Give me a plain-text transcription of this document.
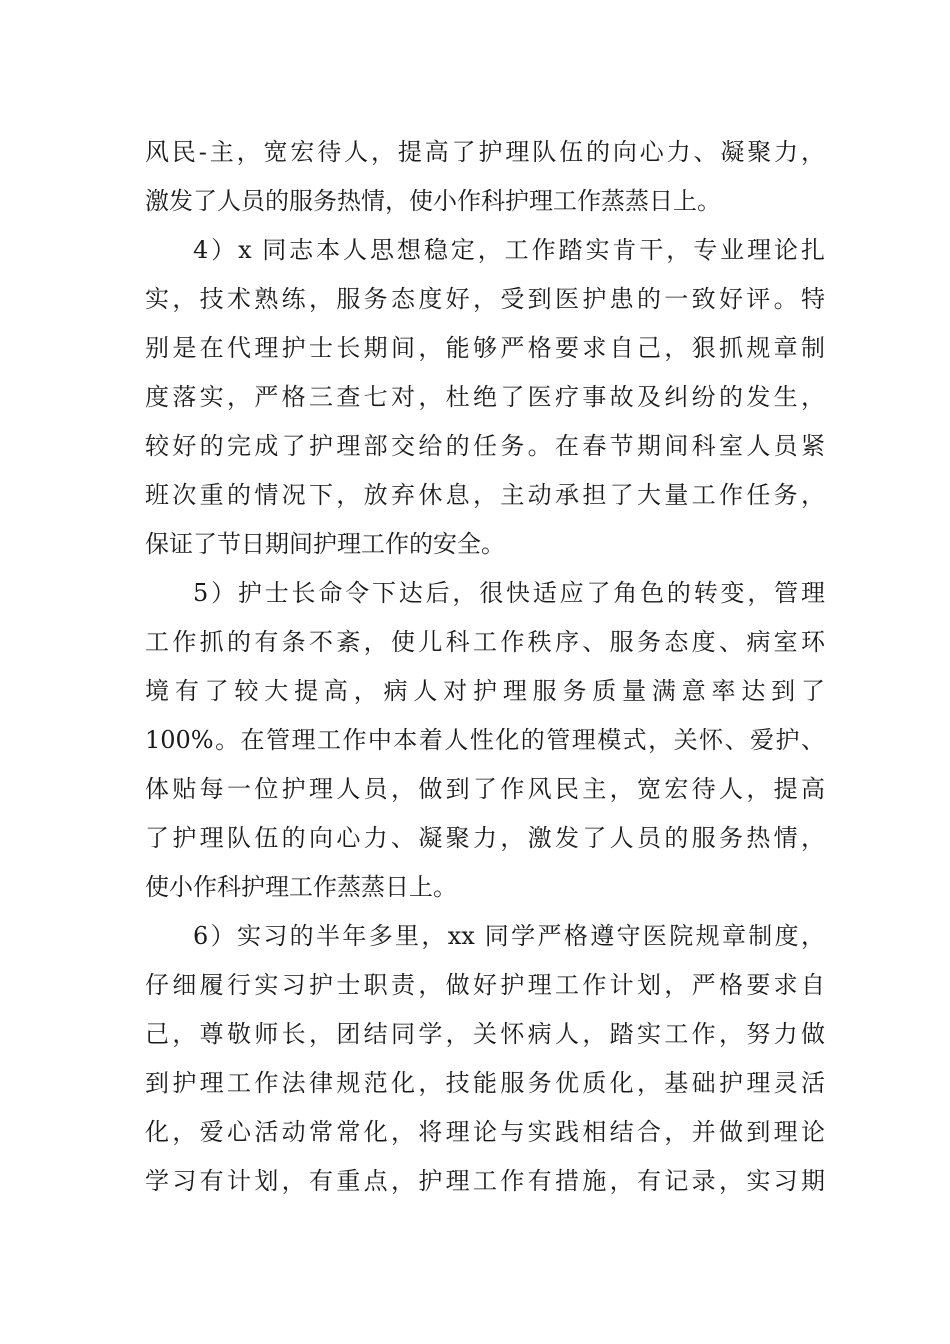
风民-主，宽宏待人，提高了护理队伍的向心力、凝聚力，
激发了人员的服务热情，使小作科护理工作蒸蒸日上。
4）x 同志本人思想稳定，工作踏实肯干，专业理论扎
实，技术熟练，服务态度好，受到医护患的一致好评。特
别是在代理护士长期间，能够严格要求自己，狠抓规章制
度落实，严格三查七对，杜绝了医疗事故及纠纷的发生，
较好的完成了护理部交给的任务。在春节期间科室人员紧
班次重的情况下，放弃休息，主动承担了大量工作任务，
保证了节日期间护理工作的安全。
5）护士长命令下达后，很快适应了角色的转变，管理
工作抓的有条不紊，使儿科工作秩序、服务态度、病室环
境有了较大提高，病人对护理服务质量满意率达到了
100%。在管理工作中本着人性化的管理模式，关怀、爱护、
体贴每一位护理人员，做到了作风民主，宽宏待人，提高
了护理队伍的向心力、凝聚力，激发了人员的服务热情，
使小作科护理工作蒸蒸日上。
6）实习的半年多里，xx 同学严格遵守医院规章制度，
仔细履行实习护士职责，做好护理工作计划，严格要求自
己，尊敬师长，团结同学，关怀病人，踏实工作，努力做
到护理工作法律规范化，技能服务优质化，基础护理灵活
化，爱心活动常常化，将理论与实践相结合，并做到理论
学习有计划，有重点，护理工作有措施，有记录，实习期
